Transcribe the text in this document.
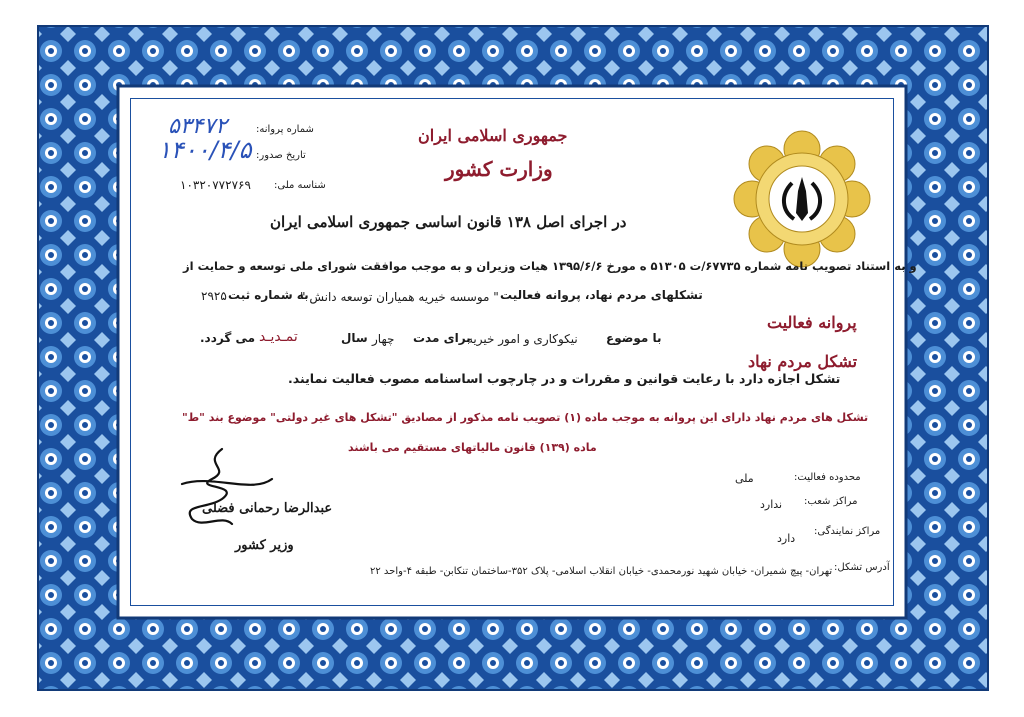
جمهوری اسلامی ایران
وزارت کشور
شماره پروانه:
۵۳۴۷۲
تاریخ صدور:
۱۴۰۰/۴/۵
شناسه ملی:
۱۰۳۲۰۷۷۲۷۶۹
در اجرای اصل ۱۳۸ قانون اساسی جمهوری اسلامی ایران
و به استناد تصویب نامه شماره ۶۷۷۳۵/ت ۵۱۳۰۵ ه مورخ ۱۳۹۵/۶/۶ هیات وزیران و به موجب موافقت شورای ملی توسعه و حمایت از
تشکلهای مردم نهاد، پروانه فعالیت
" موسسه خیریه همیاران توسعه دانش "
به شماره ثبت
۲۹۲۵۰
با موضوع
نیکوکاری و امور خیریه
برای مدت
چهار
سال
تمـدیـد
می گردد.
تشکل اجازه دارد با رعایت قوانین و مقررات و در چارچوب اساسنامه مصوب فعالیت نمایند.
تشکل های مردم نهاد دارای این پروانه به موجب ماده (۱) تصویب نامه مذکور از مصادیق "تشکل های غیر دولتی" موضوع بند "ط"
ماده (۱۳۹) قانون مالیاتهای مستقیم می باشند
پروانه فعالیت
تشکل مردم نهاد
محدوده فعالیت:
ملی
مراکز شعب:
ندارد
مراکز نمایندگی:
دارد
آدرس تشکل:
تهران- پیچ شمیران- خیابان شهید نورمحمدی- خیابان انقلاب اسلامی- پلاک ۳۵۲-ساختمان تنکابن- طبقه ۴-واحد ۲۲
عبدالرضا رحمانی فضلی
وزیر کشور
